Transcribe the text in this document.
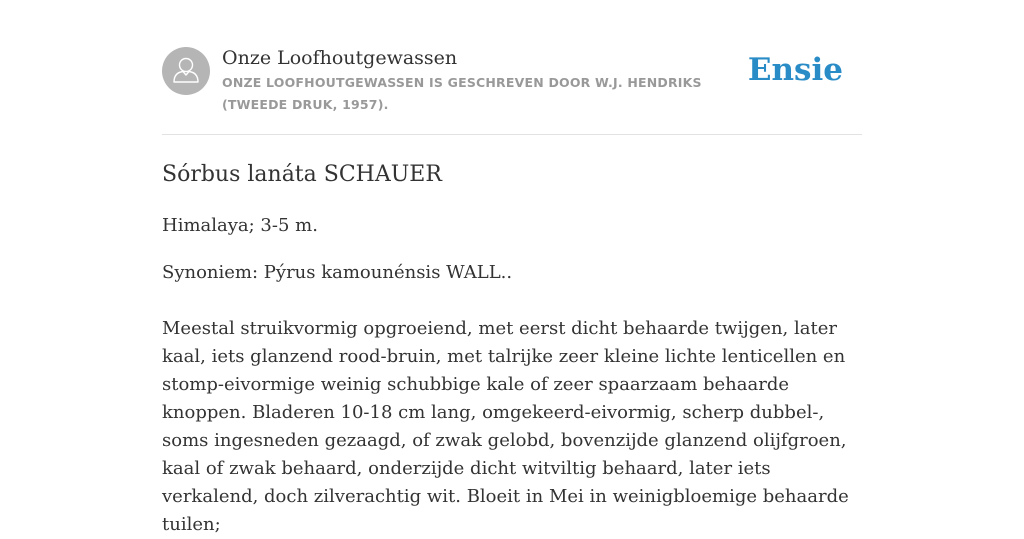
Onze Loofhoutgewassen
ONZE LOOFHOUTGEWASSEN IS GESCHREVEN DOOR W.J. HENDRIKS (TWEEDE DRUK, 1957).
Ensie
Sórbus lanáta SCHAUER
Himalaya; 3-5 m.
Synoniem: Pýrus kamounénsis WALL..
Meestal struikvormig opgroeiend, met eerst dicht behaarde twijgen, later kaal, iets glanzend rood-bruin, met talrijke zeer kleine lichte lenticellen en stomp-eivormige weinig schubbige kale of zeer spaarzaam behaarde knoppen. Bladeren 10-18 cm lang, omgekeerd-eivormig, scherp dubbel-, soms ingesneden gezaagd, of zwak gelobd, bovenzijde glanzend olijfgroen, kaal of zwak behaard, onderzijde dicht witviltig behaard, later iets verkalend, doch zilverachtig wit. Bloeit in Mei in weinigbloemige behaarde tuilen;
